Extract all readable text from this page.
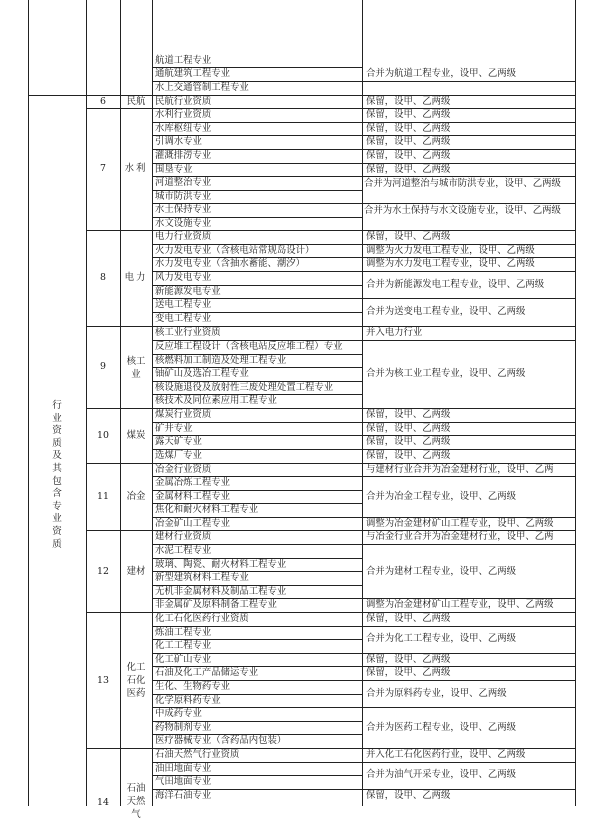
行业资质及其包含专业资质
航道工程专业
通航建筑工程专业
水上交通管制工程专业
合并为航道工程专业，设甲、乙两级
6
7
8
9
10
11
12
13
14
民航
水利
电力
核工业
煤炭
冶金
建材
化工石化医药
石油天然气
民航行业资质
水利行业资质
水库枢纽专业
引调水专业
灌溉排涝专业
围垦专业
河道整治专业
城市防洪专业
水土保持专业
水文设施专业
电力行业资质
火力发电专业（含核电站常规岛设计）
水力发电专业（含抽水蓄能、潮汐）
风力发电专业
新能源发电专业
送电工程专业
变电工程专业
核工业行业资质
反应堆工程设计（含核电站反应堆工程）专业
核燃料加工制造及处理工程专业
铀矿山及选冶工程专业
核设施退役及放射性三废处理处置工程专业
核技术及同位素应用工程专业
煤炭行业资质
矿井专业
露天矿专业
选煤厂专业
冶金行业资质
金属冶炼工程专业
金属材料工程专业
焦化和耐火材料工程专业
冶金矿山工程专业
建材行业资质
水泥工程专业
玻璃、陶瓷、耐火材料工程专业
新型建筑材料工程专业
无机非金属材料及制品工程专业
非金属矿及原料制备工程专业
化工石化医药行业资质
炼油工程专业
化工工程专业
化工矿山专业
石油及化工产品储运专业
生化、生物药专业
化学原料药专业
中成药专业
药物制剂专业
医疗器械专业（含药品内包装）
石油天然气行业资质
油田地面专业
气田地面专业
海洋石油专业
保留，设甲、乙两级
保留，设甲、乙两级
保留，设甲、乙两级
保留，设甲、乙两级
保留，设甲、乙两级
保留，设甲、乙两级
合并为河道整治与城市防洪专业，设甲、乙两级
合并为水土保持与水文设施专业，设甲、乙两级
保留，设甲、乙两级
调整为火力发电工程专业，设甲、乙两级
调整为水力发电工程专业，设甲、乙两级
合并为新能源发电工程专业，设甲、乙两级
合并为送变电工程专业，设甲、乙两级
并入电力行业
合并为核工业工程专业，设甲、乙两级
保留，设甲、乙两级
保留，设甲、乙两级
保留，设甲、乙两级
保留，设甲、乙两级
与建材行业合并为冶金建材行业，设甲、乙两
合并为冶金工程专业，设甲、乙两级
调整为冶金建材矿山工程专业，设甲、乙两级
与冶金行业合并为冶金建材行业，设甲、乙两
合并为建材工程专业，设甲、乙两级
调整为冶金建材矿山工程专业，设甲、乙两级
保留，设甲、乙两级
合并为化工工程专业，设甲、乙两级
保留，设甲、乙两级
保留，设甲、乙两级
合并为原料药专业，设甲、乙两级
合并为医药工程专业，设甲、乙两级
并入化工石化医药行业，设甲、乙两级
合并为油气开采专业，设甲、乙两级
保留，设甲、乙两级
